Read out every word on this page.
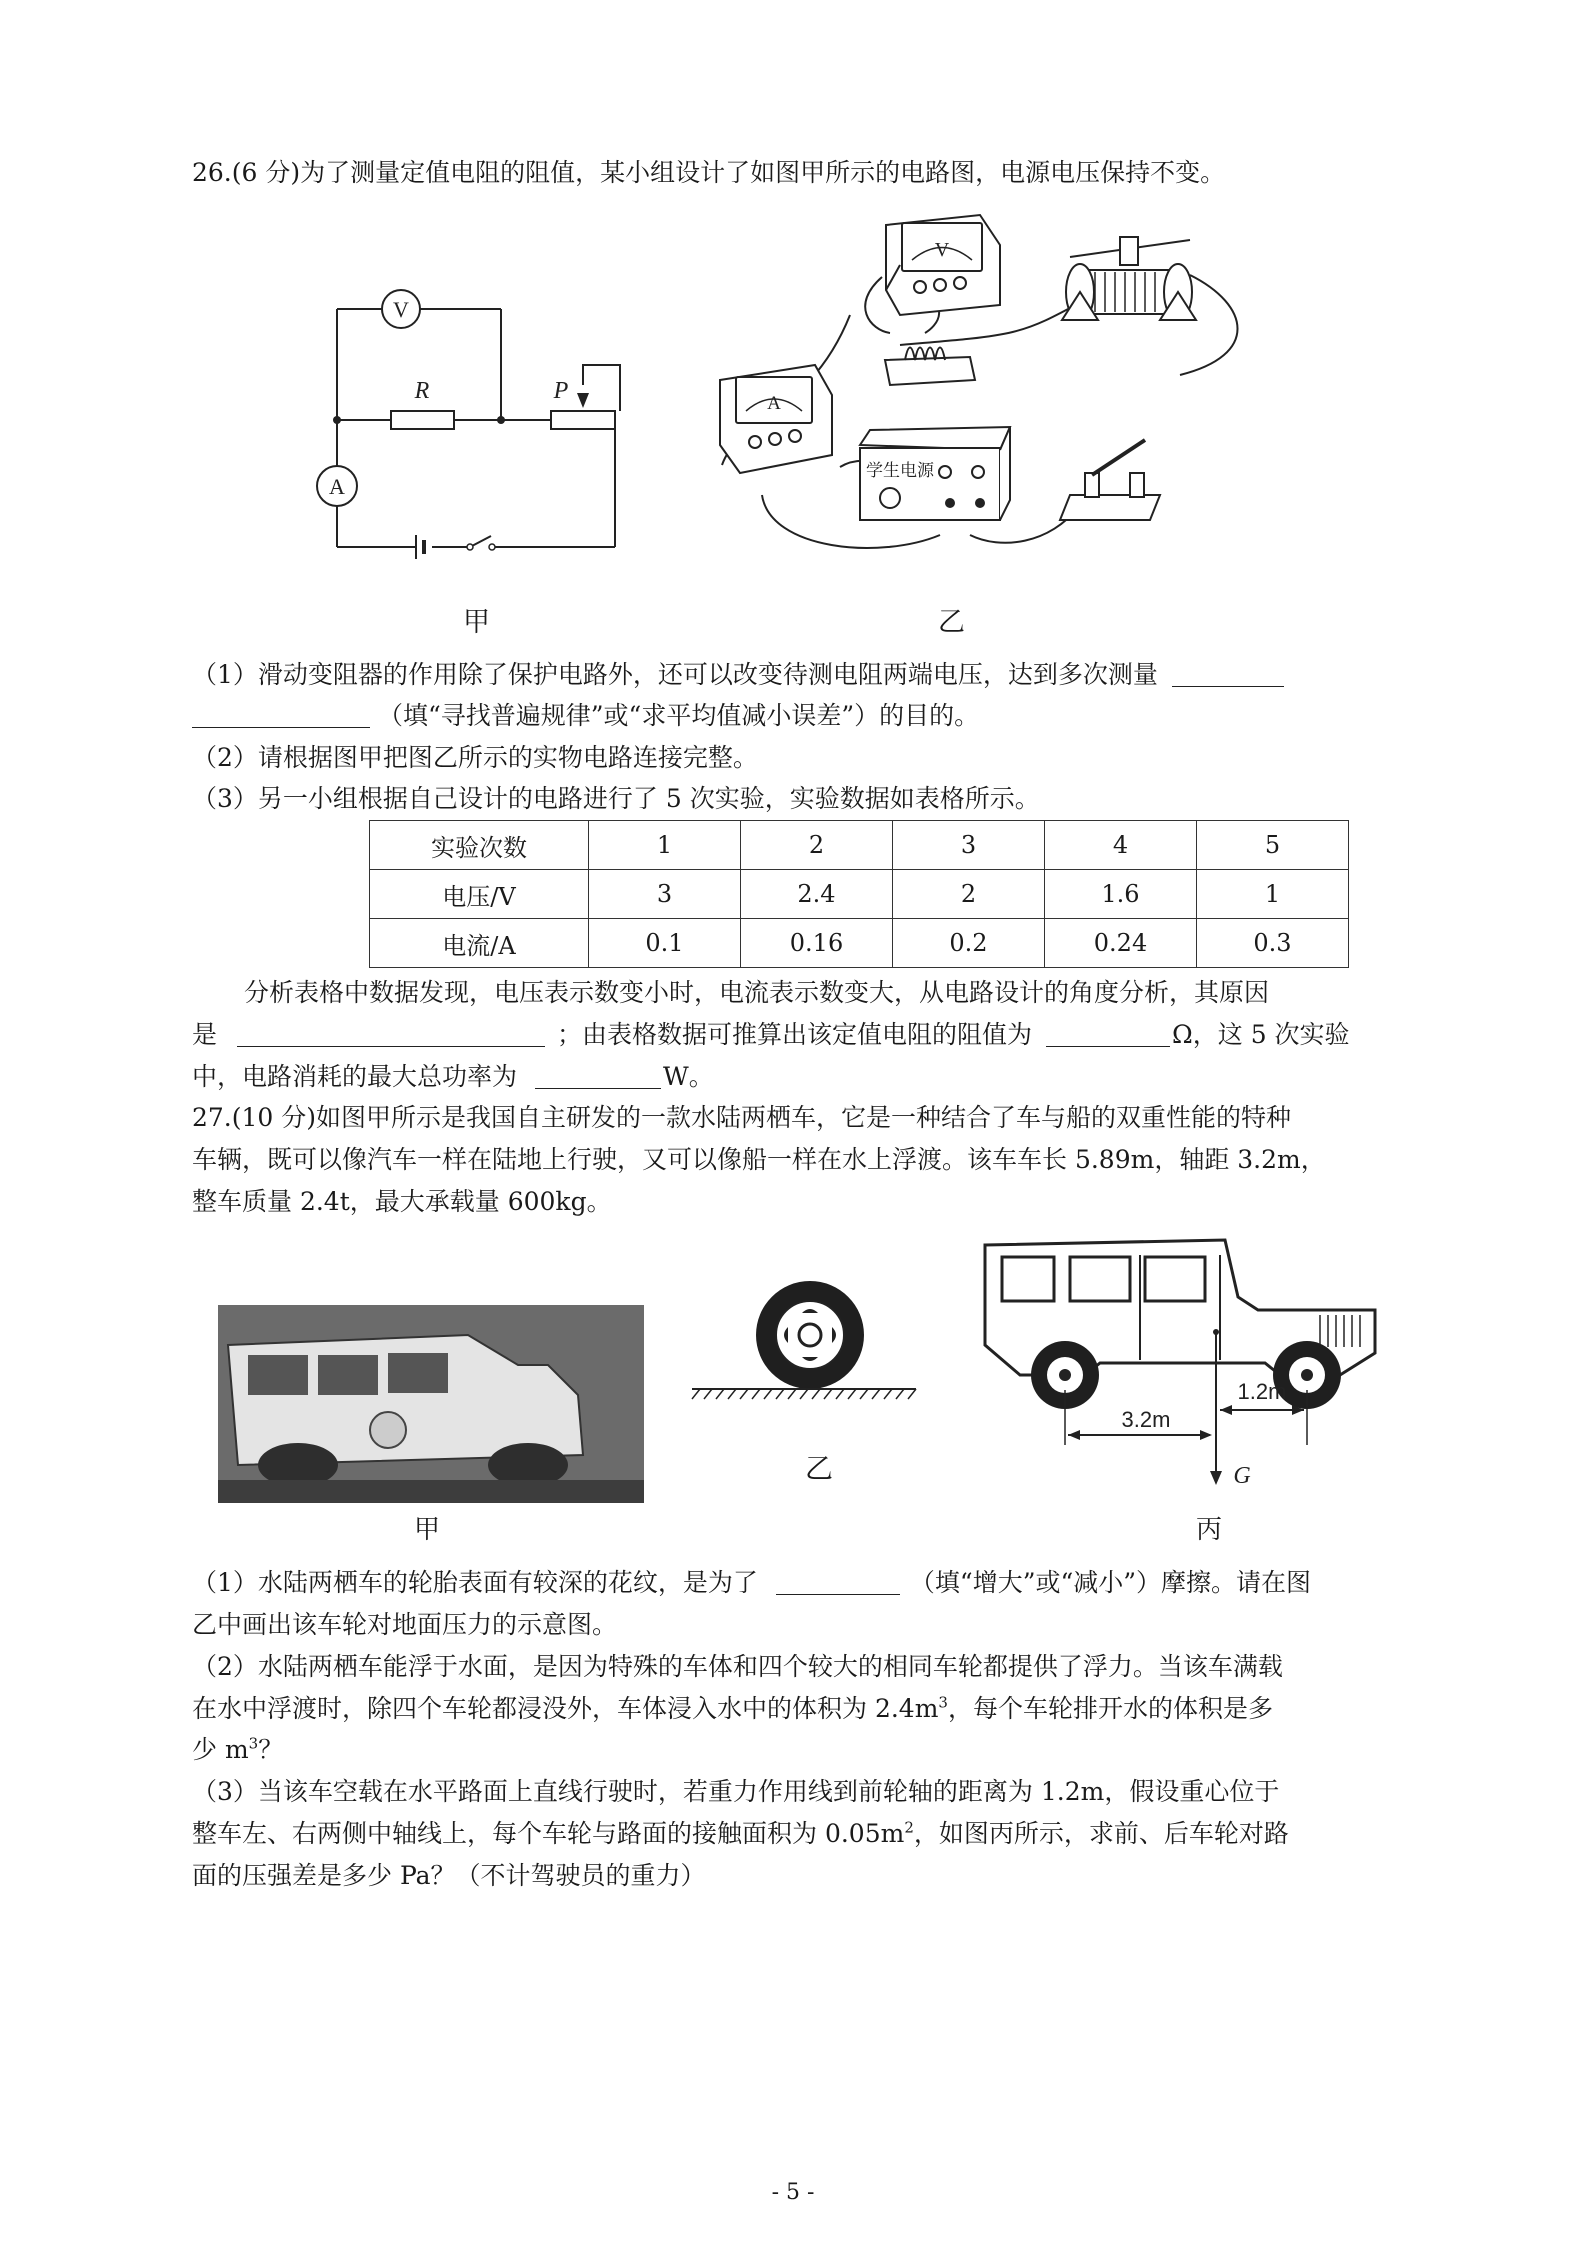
26.(6 分)为了测量定值电阻的阻值，某小组设计了如图甲所示的电路图，电源电压保持不变。
V
A
R	P
甲
V
A
学生电源
乙
（1）滑动变阻器的作用除了保护电路外，还可以改变待测电阻两端电压，达到多次测量
（填“寻找普遍规律”或“求平均值减小误差”）的目的。
（2）请根据图甲把图乙所示的实物电路连接完整。
（3）另一小组根据自己设计的电路进行了 5 次实验，实验数据如表格所示。
实验次数	1	2	3	4	5
电压/V	3	2.4	2	1.6	1
电流/A	0.1	0.16	0.2	0.24	0.3
分析表格中数据发现，电压表示数变小时，电流表示数变大，从电路设计的角度分析，其原因
是	；由表格数据可推算出该定值电阻的阻值为	Ω，这 5 次实验
中，电路消耗的最大总功率为	W。
27.(10 分)如图甲所示是我国自主研发的一款水陆两栖车，它是一种结合了车与船的双重性能的特种
车辆，既可以像汽车一样在陆地上行驶，又可以像船一样在水上浮渡。该车车长 5.89m，轴距 3.2m，
整车质量 2.4t，最大承载量 600kg。
甲
乙
3.2m
1.2m
G
丙
（1）水陆两栖车的轮胎表面有较深的花纹，是为了	（填“增大”或“减小”）摩擦。请在图
乙中画出该车轮对地面压力的示意图。
（2）水陆两栖车能浮于水面，是因为特殊的车体和四个较大的相同车轮都提供了浮力。当该车满载
在水中浮渡时，除四个车轮都浸没外，车体浸入水中的体积为 $2.4m^3$，每个车轮排开水的体积是多
少 $m^3$？
（3）当该车空载在水平路面上直线行驶时，若重力作用线到前轮轴的距离为 1.2m，假设重心位于
整车左、右两侧中轴线上，每个车轮与路面的接触面积为 $0.05m^2$，如图丙所示，求前、后车轮对路
面的压强差是多少 Pa？（不计驾驶员的重力）
- 5 -
